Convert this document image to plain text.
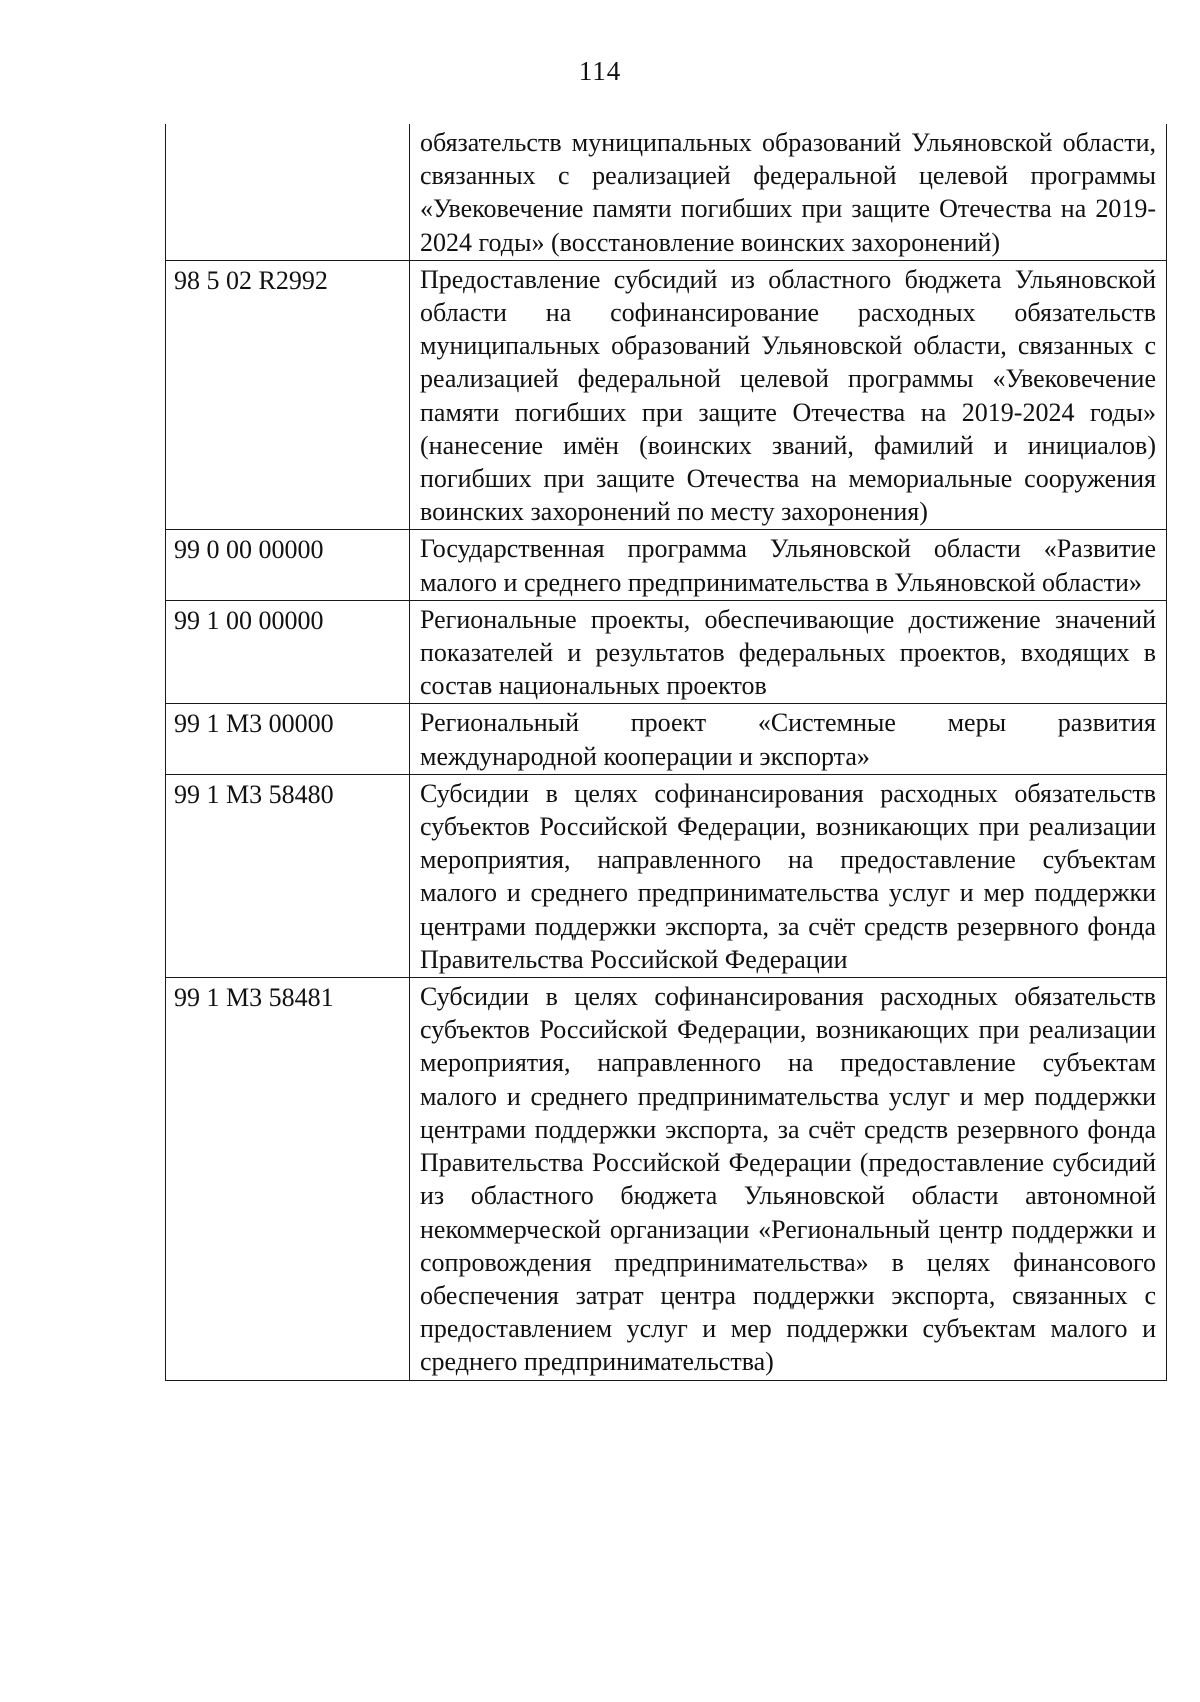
114
	обязательств муниципальных образований Ульяновской области, связанных с реализацией федеральной целевой программы «Увековечение памяти погибших при защите Отечества на 2019-2024 годы» (восстановление воинских захоронений)
98 5 02 R2992	Предоставление субсидий из областного бюджета Ульяновской области на софинансирование расходных обязательств муниципальных образований Ульяновской области, связанных с реализацией федеральной целевой программы «Увековечение памяти погибших при защите Отечества на 2019-2024 годы» (нанесение имён (воинских званий, фамилий и инициалов) погибших при защите Отечества на мемориальные сооружения воинских захоронений по месту захоронения)
99 0 00 00000	Государственная программа Ульяновской области «Развитие малого и среднего предпринимательства в Ульяновской области»
99 1 00 00000	Региональные проекты, обеспечивающие достижение значений показателей и результатов федеральных проектов, входящих в состав национальных проектов
99 1 M3 00000	Региональный проект «Системные меры развития международной кооперации и экспорта»
99 1 M3 58480	Субсидии в целях софинансирования расходных обязательств субъектов Российской Федерации, возникающих при реализации мероприятия, направленного на предоставление субъектам малого и среднего предпринимательства услуг и мер поддержки центрами поддержки экспорта, за счёт средств резервного фонда Правительства Российской Федерации
99 1 M3 58481	Субсидии в целях софинансирования расходных обязательств субъектов Российской Федерации, возникающих при реализации мероприятия, направленного на предоставление субъектам малого и среднего предпринимательства услуг и мер поддержки центрами поддержки экспорта, за счёт средств резервного фонда Правительства Российской Федерации (предоставление субсидий из областного бюджета Ульяновской области автономной некоммерческой организации «Региональный центр поддержки и сопровождения предпринимательства» в целях финансового обеспечения затрат центра поддержки экспорта, связанных с предоставлением услуг и мер поддержки субъектам малого и среднего предпринимательства)
